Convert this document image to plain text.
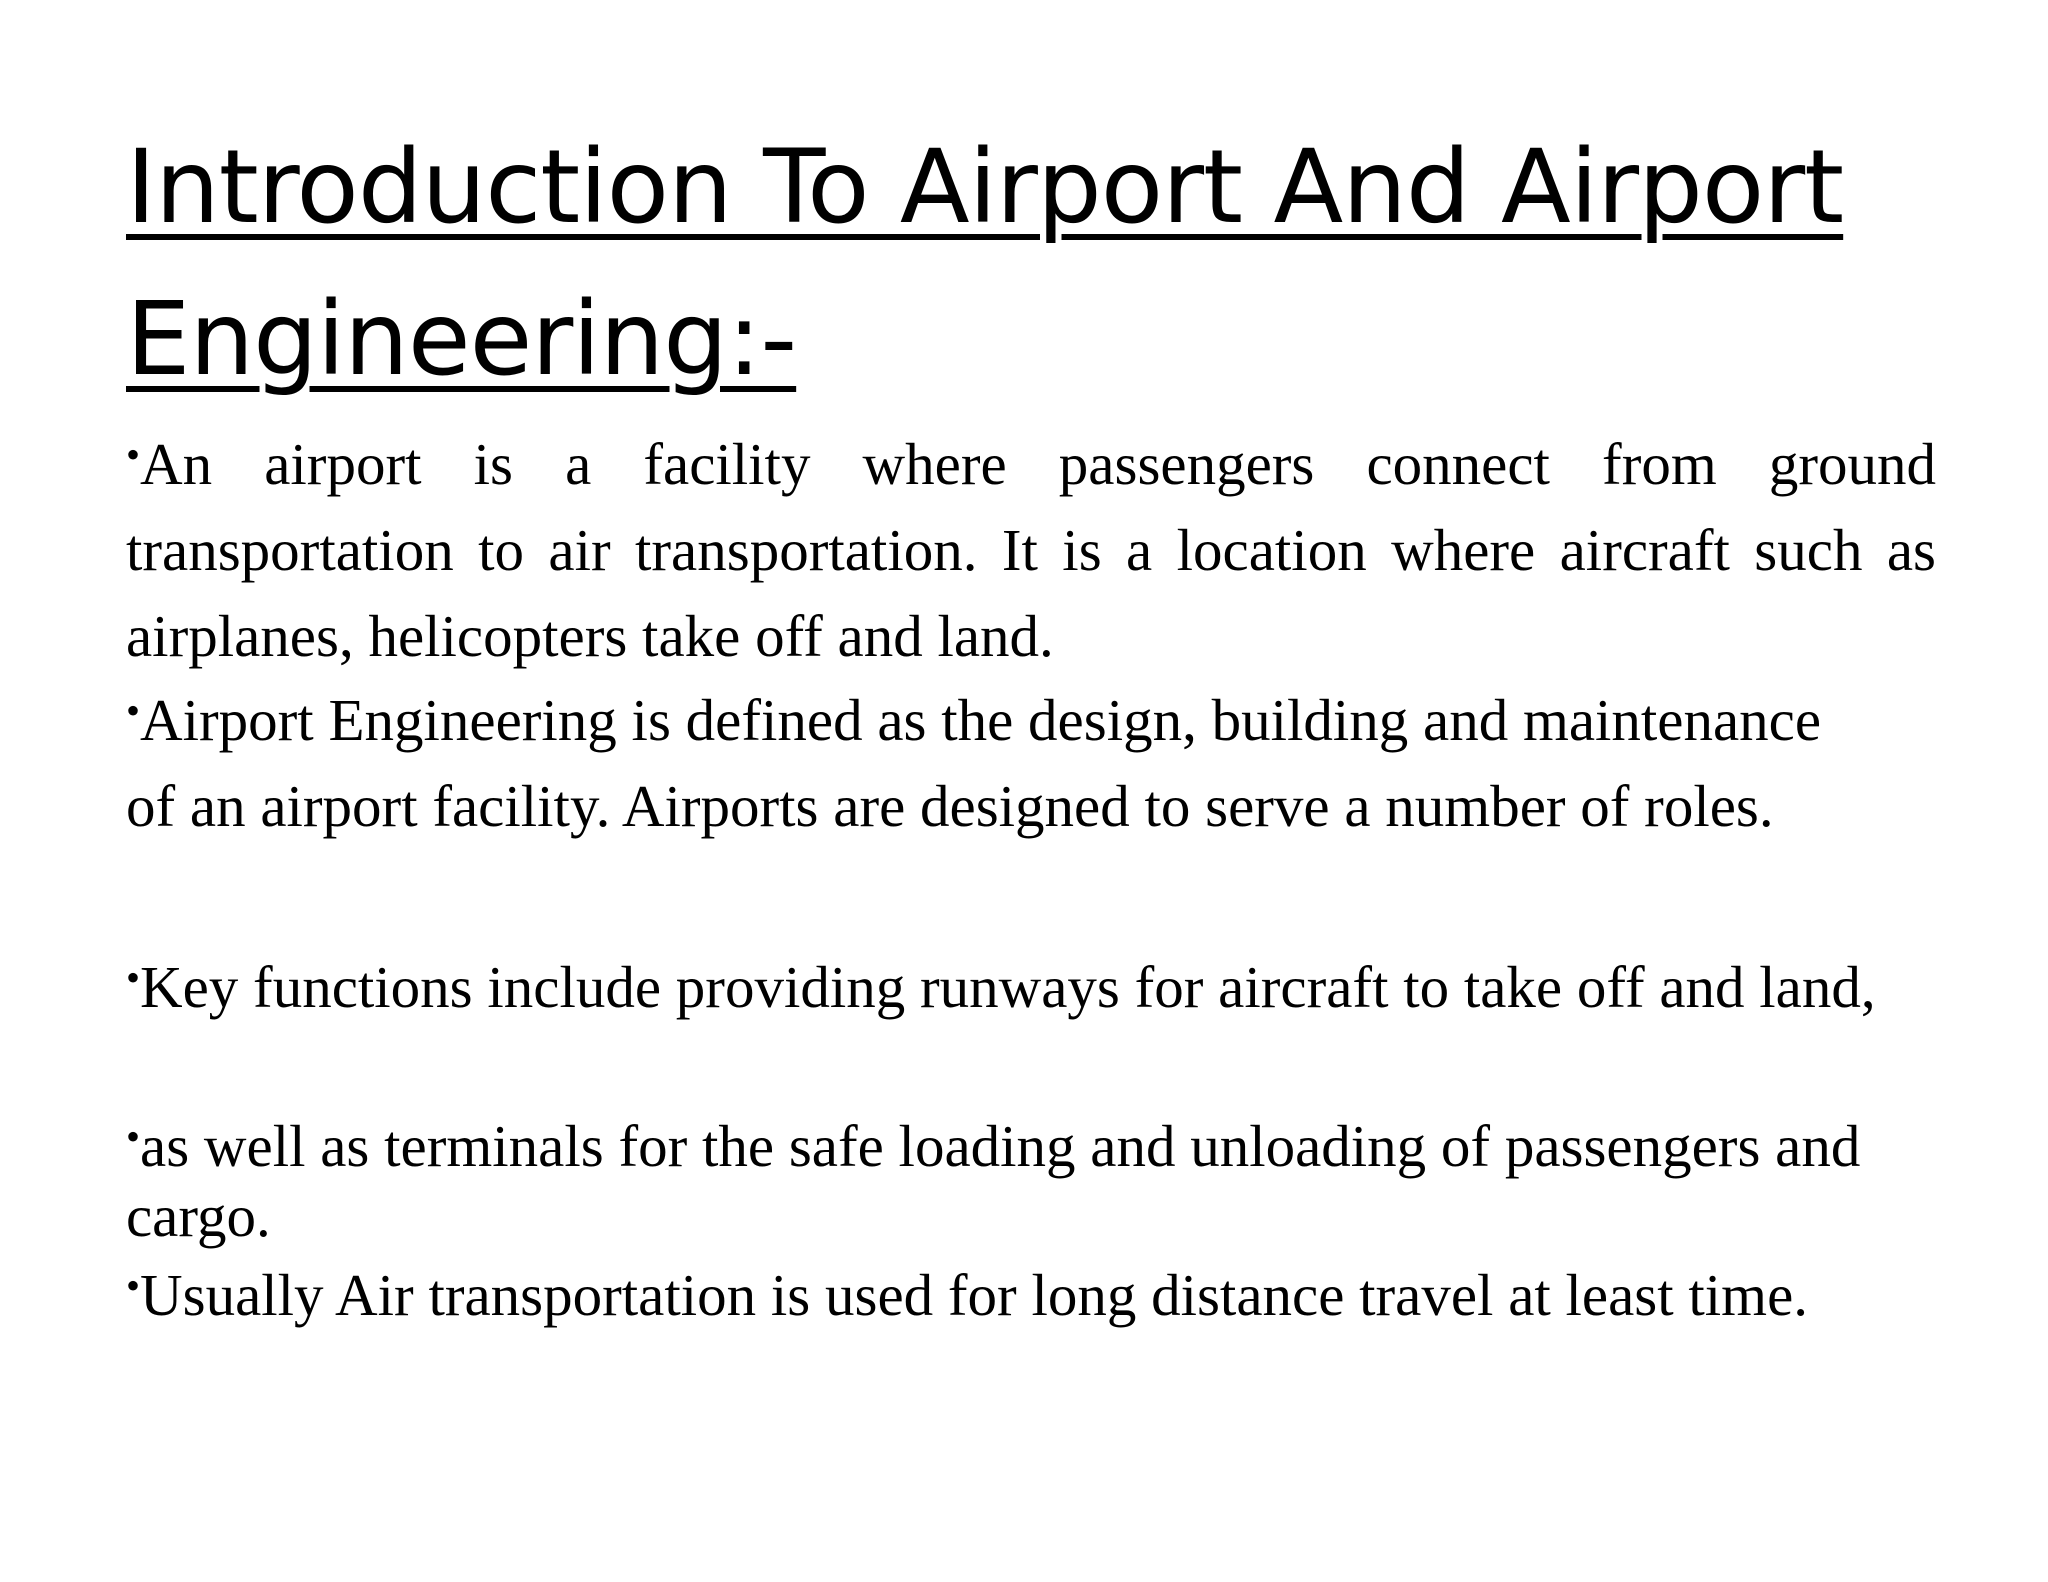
Introduction To Airport And Airport Engineering:-

•An airport is a facility where passengers connect from ground transportation to air transportation. It is a location where aircraft such as airplanes, helicopters take off and land.

•Airport Engineering is defined as the design, building and maintenance of an airport facility. Airports are designed to serve a number of roles.

•Key functions include providing runways for aircraft to take off and land,

•as well as terminals for the safe loading and unloading of passengers and cargo.

•Usually Air transportation is used for long distance travel at least time.
